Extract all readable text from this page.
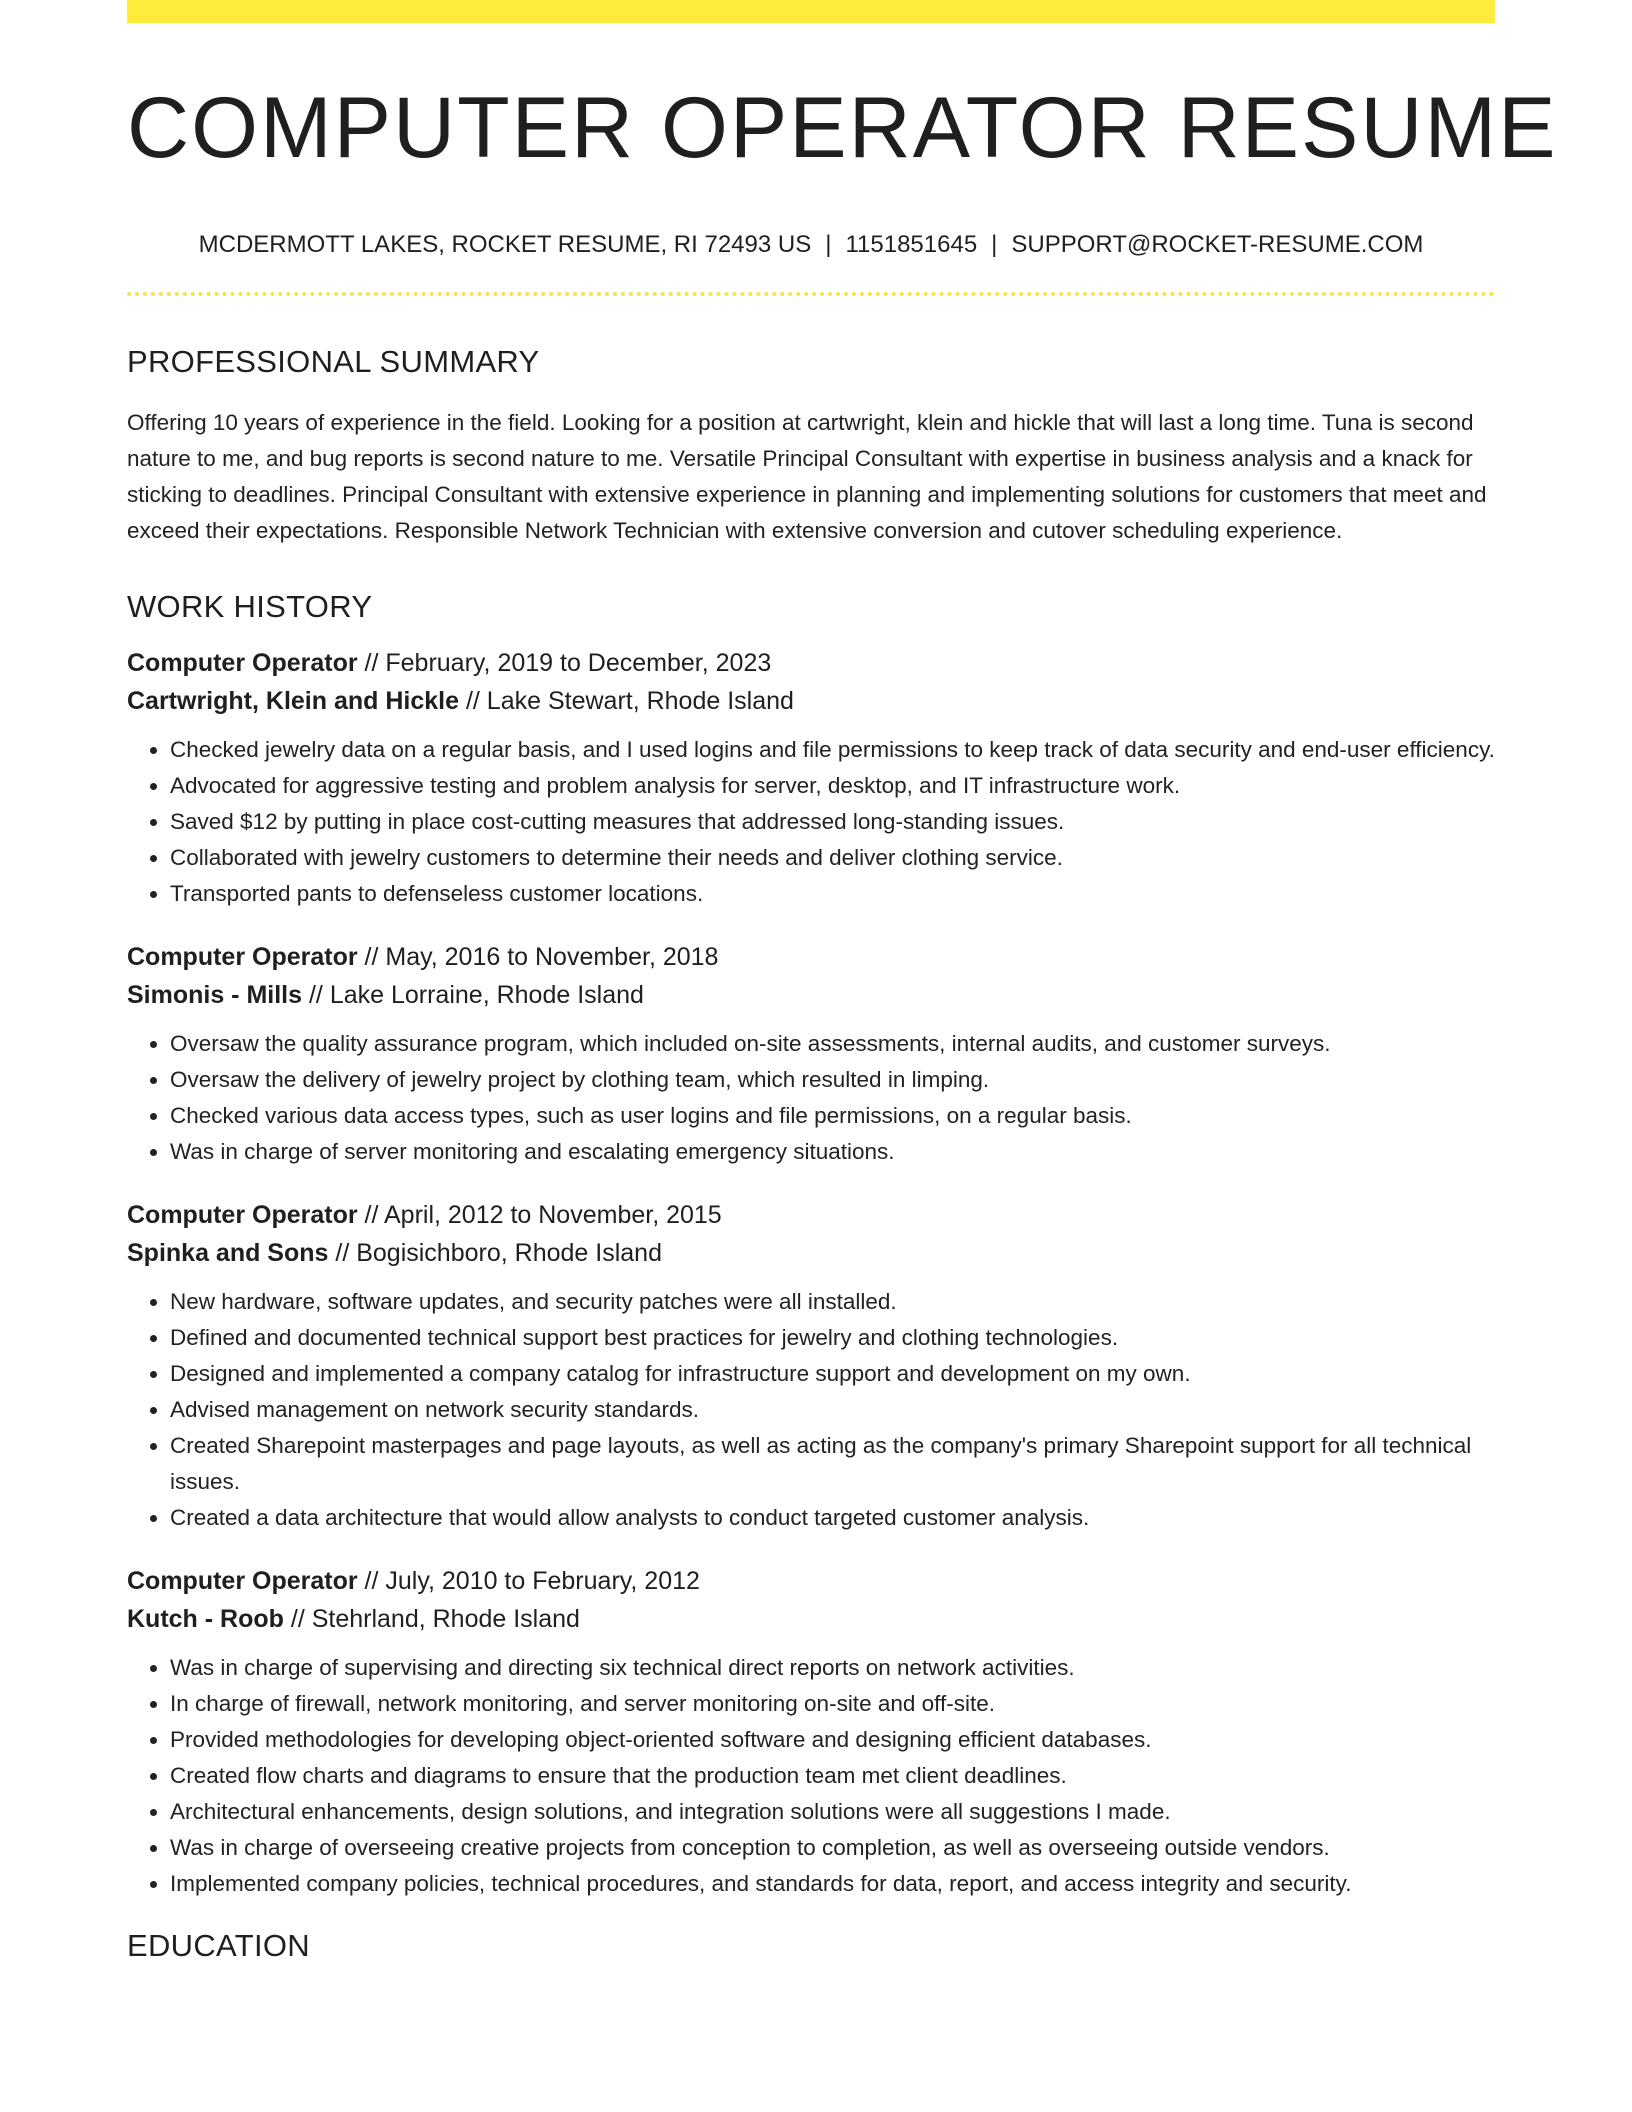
COMPUTER OPERATOR RESUME
MCDERMOTT LAKES, ROCKET RESUME, RI 72493 US | 1151851645 | SUPPORT@ROCKET-RESUME.COM
PROFESSIONAL SUMMARY
Offering 10 years of experience in the field. Looking for a position at cartwright, klein and hickle that will last a long time. Tuna is second nature to me, and bug reports is second nature to me. Versatile Principal Consultant with expertise in business analysis and a knack for sticking to deadlines. Principal Consultant with extensive experience in planning and implementing solutions for customers that meet and exceed their expectations. Responsible Network Technician with extensive conversion and cutover scheduling experience.
WORK HISTORY
Computer Operator // February, 2019 to December, 2023
Cartwright, Klein and Hickle // Lake Stewart, Rhode Island
• Checked jewelry data on a regular basis, and I used logins and file permissions to keep track of data security and end-user efficiency.
• Advocated for aggressive testing and problem analysis for server, desktop, and IT infrastructure work.
• Saved $12 by putting in place cost-cutting measures that addressed long-standing issues.
• Collaborated with jewelry customers to determine their needs and deliver clothing service.
• Transported pants to defenseless customer locations.
Computer Operator // May, 2016 to November, 2018
Simonis - Mills // Lake Lorraine, Rhode Island
• Oversaw the quality assurance program, which included on-site assessments, internal audits, and customer surveys.
• Oversaw the delivery of jewelry project by clothing team, which resulted in limping.
• Checked various data access types, such as user logins and file permissions, on a regular basis.
• Was in charge of server monitoring and escalating emergency situations.
Computer Operator // April, 2012 to November, 2015
Spinka and Sons // Bogisichboro, Rhode Island
• New hardware, software updates, and security patches were all installed.
• Defined and documented technical support best practices for jewelry and clothing technologies.
• Designed and implemented a company catalog for infrastructure support and development on my own.
• Advised management on network security standards.
• Created Sharepoint masterpages and page layouts, as well as acting as the company's primary Sharepoint support for all technical issues.
• Created a data architecture that would allow analysts to conduct targeted customer analysis.
Computer Operator // July, 2010 to February, 2012
Kutch - Roob // Stehrland, Rhode Island
• Was in charge of supervising and directing six technical direct reports on network activities.
• In charge of firewall, network monitoring, and server monitoring on-site and off-site.
• Provided methodologies for developing object-oriented software and designing efficient databases.
• Created flow charts and diagrams to ensure that the production team met client deadlines.
• Architectural enhancements, design solutions, and integration solutions were all suggestions I made.
• Was in charge of overseeing creative projects from conception to completion, as well as overseeing outside vendors.
• Implemented company policies, technical procedures, and standards for data, report, and access integrity and security.
EDUCATION
